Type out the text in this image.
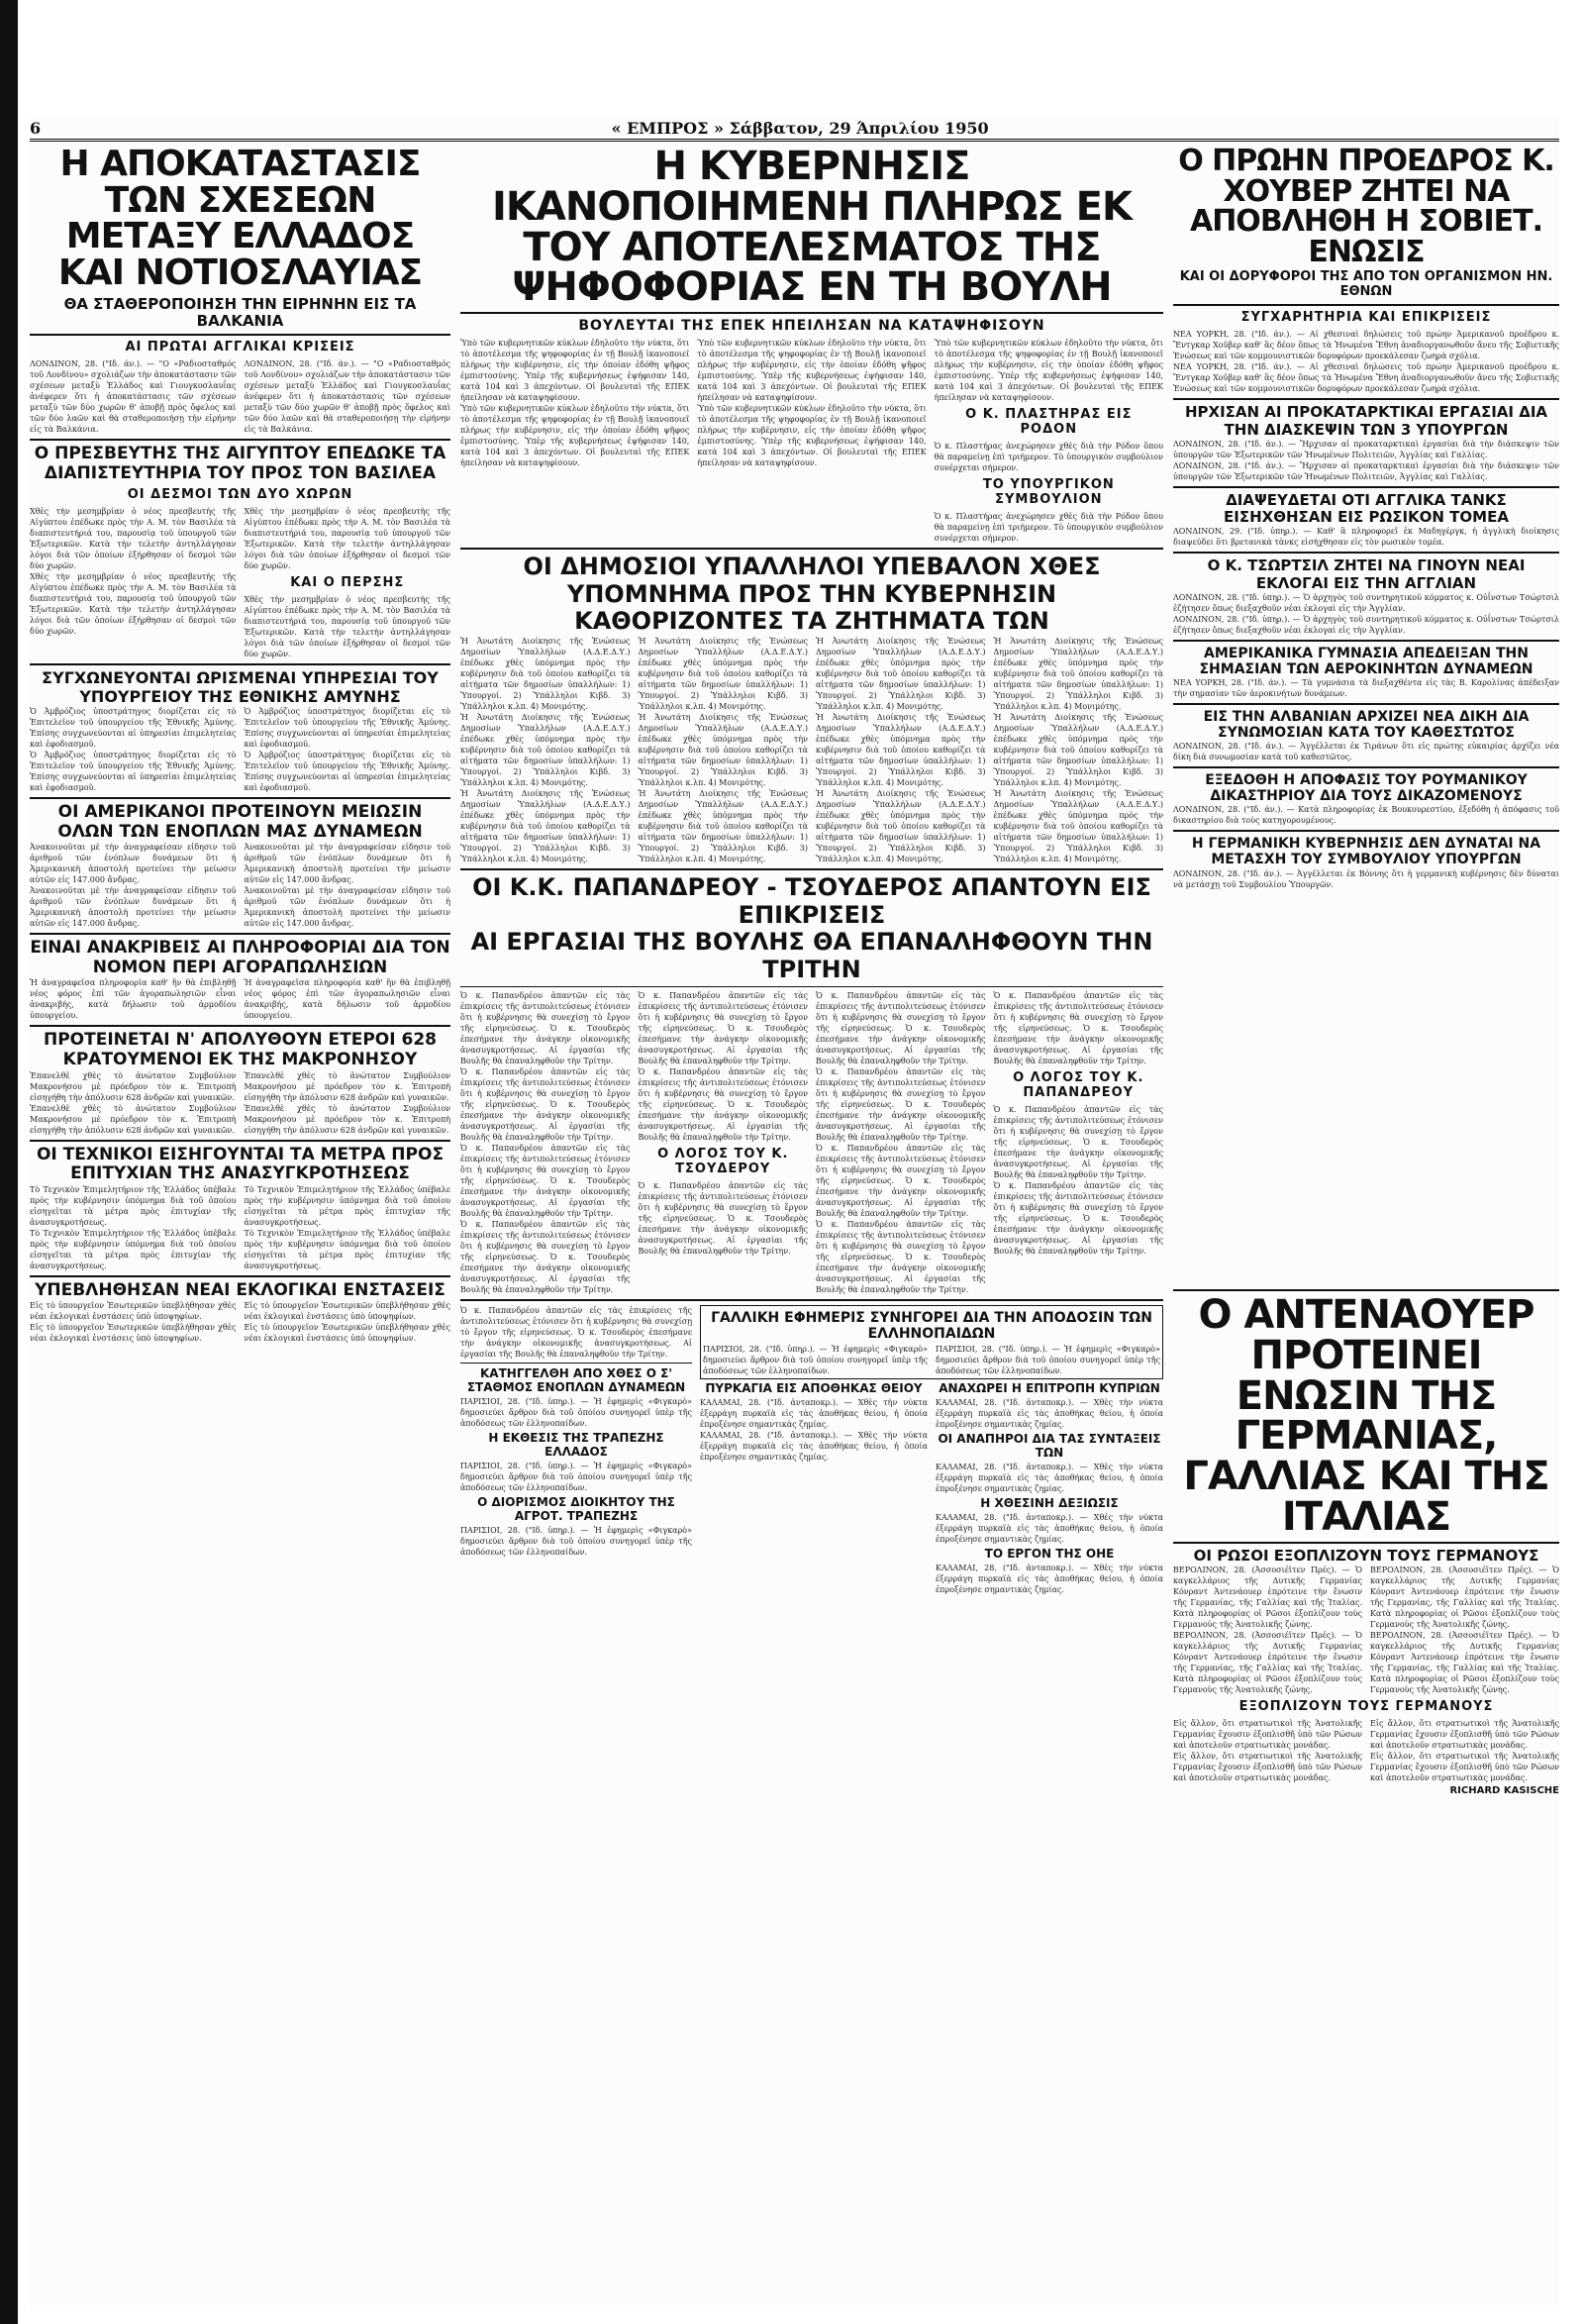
6	« ΕΜΠΡΟΣ » Σάββατον, 29 Άπριλίου 1950
Η ΑΠΟΚΑΤΑΣΤΑΣΙΣ ΤΩΝ ΣΧΕΣΕΩΝ ΜΕΤΑΞΥ ΕΛΛΑΔΟΣ ΚΑΙ ΝΟΤΙΟΣΛΑΥΙΑΣ
ΘΑ ΣΤΑΘΕΡΟΠΟΙΗΣΗ ΤΗΝ ΕΙΡΗΝΗΝ ΕΙΣ ΤΑ ΒΑΛΚΑΝΙΑ
ΑΙ ΠΡΩΤΑΙ ΑΓΓΛΙΚΑΙ ΚΡΙΣΕΙΣ

ΛΟΝΔΙΝΟΝ, 28. ("Ιδ. άν.). — "Ο «Ραδιοσταθμός τοῦ Λονδίνου» σχολιάζων τὴν ἀποκατάστασιν τῶν σχέσεων μεταξὺ Ἑλλάδος καὶ Γιουγκοσλαυΐας ἀνέφερεν ὅτι ἡ ἀποκατάστασις τῶν σχέσεων μεταξὺ τῶν δύο χωρῶν θ' ἀποβῇ πρὸς ὄφελος καὶ τῶν δύο λαῶν καὶ θὰ σταθεροποιήσῃ τὴν εἰρήνην εἰς τὰ Βαλκάνια.

ΛΟΝΔΙΝΟΝ, 28. ("Ιδ. άν.). — "Ο «Ραδιοσταθμός τοῦ Λονδίνου» σχολιάζων τὴν ἀποκατάστασιν τῶν σχέσεων μεταξὺ Ἑλλάδος καὶ Γιουγκοσλαυΐας ἀνέφερεν ὅτι ἡ ἀποκατάστασις τῶν σχέσεων μεταξὺ τῶν δύο χωρῶν θ' ἀποβῇ πρὸς ὄφελος καὶ τῶν δύο λαῶν καὶ θὰ σταθεροποιήσῃ τὴν εἰρήνην εἰς τὰ Βαλκάνια.

Ο ΠΡΕΣΒΕΥΤΗΣ ΤΗΣ ΑΙΓΥΠΤΟΥ ΕΠΕΔΩΚΕ ΤΑ ΔΙΑΠΙΣΤΕΥΤΗΡΙΑ ΤΟΥ ΠΡΟΣ ΤΟΝ ΒΑΣΙΛΕΑ
ΟΙ ΔΕΣΜΟΙ ΤΩΝ ΔΥΟ ΧΩΡΩΝ

Χθὲς τὴν μεσημβρίαν ὁ νέος πρεσβευτὴς τῆς Αἰγύπτου ἐπέδωκε πρὸς τὴν Α. Μ. τὸν Βασιλέα τὰ διαπιστευτήριά του, παρουσίᾳ τοῦ ὑπουργοῦ τῶν Ἐξωτερικῶν. Κατὰ τὴν τελετὴν ἀντηλλάγησαν λόγοι διὰ τῶν ὁποίων ἐξήρθησαν οἱ δεσμοὶ τῶν δύο χωρῶν.

Χθὲς τὴν μεσημβρίαν ὁ νέος πρεσβευτὴς τῆς Αἰγύπτου ἐπέδωκε πρὸς τὴν Α. Μ. τὸν Βασιλέα τὰ διαπιστευτήριά του, παρουσίᾳ τοῦ ὑπουργοῦ τῶν Ἐξωτερικῶν. Κατὰ τὴν τελετὴν ἀντηλλάγησαν λόγοι διὰ τῶν ὁποίων ἐξήρθησαν οἱ δεσμοὶ τῶν δύο χωρῶν.

Χθὲς τὴν μεσημβρίαν ὁ νέος πρεσβευτὴς τῆς Αἰγύπτου ἐπέδωκε πρὸς τὴν Α. Μ. τὸν Βασιλέα τὰ διαπιστευτήριά του, παρουσίᾳ τοῦ ὑπουργοῦ τῶν Ἐξωτερικῶν. Κατὰ τὴν τελετὴν ἀντηλλάγησαν λόγοι διὰ τῶν ὁποίων ἐξήρθησαν οἱ δεσμοὶ τῶν δύο χωρῶν.

ΚΑΙ Ο ΠΕΡΣΗΣ

Χθὲς τὴν μεσημβρίαν ὁ νέος πρεσβευτὴς τῆς Αἰγύπτου ἐπέδωκε πρὸς τὴν Α. Μ. τὸν Βασιλέα τὰ διαπιστευτήριά του, παρουσίᾳ τοῦ ὑπουργοῦ τῶν Ἐξωτερικῶν. Κατὰ τὴν τελετὴν ἀντηλλάγησαν λόγοι διὰ τῶν ὁποίων ἐξήρθησαν οἱ δεσμοὶ τῶν δύο χωρῶν.

ΣΥΓΧΩΝΕΥΟΝΤΑΙ ΩΡΙΣΜΕΝΑΙ ΥΠΗΡΕΣΙΑΙ ΤΟΥ ΥΠΟΥΡΓΕΙΟΥ ΤΗΣ ΕΘΝΙΚΗΣ ΑΜΥΝΗΣ

Ὁ Ἀμβρόζιος ὑποστράτηγος διορίζεται εἰς τὸ Ἐπιτελεῖον τοῦ ὑπουργείου τῆς Ἐθνικῆς Ἀμύνης. Ἐπίσης συγχωνεύονται αἱ ὑπηρεσίαι ἐπιμελητείας καὶ ἐφοδιασμοῦ.

Ὁ Ἀμβρόζιος ὑποστράτηγος διορίζεται εἰς τὸ Ἐπιτελεῖον τοῦ ὑπουργείου τῆς Ἐθνικῆς Ἀμύνης. Ἐπίσης συγχωνεύονται αἱ ὑπηρεσίαι ἐπιμελητείας καὶ ἐφοδιασμοῦ.

Ὁ Ἀμβρόζιος ὑποστράτηγος διορίζεται εἰς τὸ Ἐπιτελεῖον τοῦ ὑπουργείου τῆς Ἐθνικῆς Ἀμύνης. Ἐπίσης συγχωνεύονται αἱ ὑπηρεσίαι ἐπιμελητείας καὶ ἐφοδιασμοῦ.

Ὁ Ἀμβρόζιος ὑποστράτηγος διορίζεται εἰς τὸ Ἐπιτελεῖον τοῦ ὑπουργείου τῆς Ἐθνικῆς Ἀμύνης. Ἐπίσης συγχωνεύονται αἱ ὑπηρεσίαι ἐπιμελητείας καὶ ἐφοδιασμοῦ.

ΟΙ ΑΜΕΡΙΚΑΝΟΙ ΠΡΟΤΕΙΝΟΥΝ ΜΕΙΩΣΙΝ ΟΛΩΝ ΤΩΝ ΕΝΟΠΛΩΝ ΜΑΣ ΔΥΝΑΜΕΩΝ

Ἀνακοινοῦται μὲ τὴν ἀναγραφείσαν εἰδησιν τοῦ ἀριθμοῦ τῶν ἐνόπλων δυνάμεων ὅτι ἡ Ἀμερικανικὴ ἀποστολὴ προτείνει τὴν μείωσιν αὐτῶν εἰς 147.000 ἄνδρας.

Ἀνακοινοῦται μὲ τὴν ἀναγραφείσαν εἰδησιν τοῦ ἀριθμοῦ τῶν ἐνόπλων δυνάμεων ὅτι ἡ Ἀμερικανικὴ ἀποστολὴ προτείνει τὴν μείωσιν αὐτῶν εἰς 147.000 ἄνδρας.

Ἀνακοινοῦται μὲ τὴν ἀναγραφείσαν εἰδησιν τοῦ ἀριθμοῦ τῶν ἐνόπλων δυνάμεων ὅτι ἡ Ἀμερικανικὴ ἀποστολὴ προτείνει τὴν μείωσιν αὐτῶν εἰς 147.000 ἄνδρας.

Ἀνακοινοῦται μὲ τὴν ἀναγραφείσαν εἰδησιν τοῦ ἀριθμοῦ τῶν ἐνόπλων δυνάμεων ὅτι ἡ Ἀμερικανικὴ ἀποστολὴ προτείνει τὴν μείωσιν αὐτῶν εἰς 147.000 ἄνδρας.

ΕΙΝΑΙ ΑΝΑΚΡΙΒΕΙΣ ΑΙ ΠΛΗΡΟΦΟΡΙΑΙ ΔΙΑ ΤΟΝ ΝΟΜΟΝ ΠΕΡΙ ΑΓΟΡΑΠΩΛΗΣΙΩΝ

Ἡ ἀναγραφεῖσα πληροφορία καθ' ἣν θὰ ἐπιβληθῇ νέος φόρος ἐπὶ τῶν ἀγοραπωλησιῶν εἶναι ἀνακριβής, κατὰ δήλωσιν τοῦ ἁρμοδίου ὑπουργείου.

Ἡ ἀναγραφεῖσα πληροφορία καθ' ἣν θὰ ἐπιβληθῇ νέος φόρος ἐπὶ τῶν ἀγοραπωλησιῶν εἶναι ἀνακριβής, κατὰ δήλωσιν τοῦ ἁρμοδίου ὑπουργείου.

ΠΡΟΤΕΙΝΕΤΑΙ Ν' ΑΠΟΛΥΘΟΥΝ ΕΤΕΡΟΙ 628 ΚΡΑΤΟΥΜΕΝΟΙ ΕΚ ΤΗΣ ΜΑΚΡΟΝΗΣΟΥ

Ἐπανελθὲ χθὲς τὸ ἀνώτατον Συμβούλιον Μακρονήσου μὲ πρόεδρον τὸν κ. Ἐπιτροπὴ εἰσηγήθη τὴν ἀπόλυσιν 628 ἀνδρῶν καὶ γυναικῶν.

Ἐπανελθὲ χθὲς τὸ ἀνώτατον Συμβούλιον Μακρονήσου μὲ πρόεδρον τὸν κ. Ἐπιτροπὴ εἰσηγήθη τὴν ἀπόλυσιν 628 ἀνδρῶν καὶ γυναικῶν.

Ἐπανελθὲ χθὲς τὸ ἀνώτατον Συμβούλιον Μακρονήσου μὲ πρόεδρον τὸν κ. Ἐπιτροπὴ εἰσηγήθη τὴν ἀπόλυσιν 628 ἀνδρῶν καὶ γυναικῶν.

Ἐπανελθὲ χθὲς τὸ ἀνώτατον Συμβούλιον Μακρονήσου μὲ πρόεδρον τὸν κ. Ἐπιτροπὴ εἰσηγήθη τὴν ἀπόλυσιν 628 ἀνδρῶν καὶ γυναικῶν.

ΟΙ ΤΕΧΝΙΚΟΙ ΕΙΣΗΓΟΥΝΤΑΙ ΤΑ ΜΕΤΡΑ ΠΡΟΣ ΕΠΙΤΥΧΙΑΝ ΤΗΣ ΑΝΑΣΥΓΚΡΟΤΗΣΕΩΣ

Τὸ Τεχνικὸν Ἐπιμελητήριον τῆς Ἑλλάδος ὑπέβαλε πρὸς τὴν κυβέρνησιν ὑπόμνημα διὰ τοῦ ὁποίου εἰσηγεῖται τὰ μέτρα πρὸς ἐπιτυχίαν τῆς ἀνασυγκροτήσεως.

Τὸ Τεχνικὸν Ἐπιμελητήριον τῆς Ἑλλάδος ὑπέβαλε πρὸς τὴν κυβέρνησιν ὑπόμνημα διὰ τοῦ ὁποίου εἰσηγεῖται τὰ μέτρα πρὸς ἐπιτυχίαν τῆς ἀνασυγκροτήσεως.

Τὸ Τεχνικὸν Ἐπιμελητήριον τῆς Ἑλλάδος ὑπέβαλε πρὸς τὴν κυβέρνησιν ὑπόμνημα διὰ τοῦ ὁποίου εἰσηγεῖται τὰ μέτρα πρὸς ἐπιτυχίαν τῆς ἀνασυγκροτήσεως.

Τὸ Τεχνικὸν Ἐπιμελητήριον τῆς Ἑλλάδος ὑπέβαλε πρὸς τὴν κυβέρνησιν ὑπόμνημα διὰ τοῦ ὁποίου εἰσηγεῖται τὰ μέτρα πρὸς ἐπιτυχίαν τῆς ἀνασυγκροτήσεως.

ΥΠΕΒΛΗΘΗΣΑΝ ΝΕΑΙ ΕΚΛΟΓΙΚΑΙ ΕΝΣΤΑΣΕΙΣ

Εἰς τὸ ὑπουργεῖον Ἐσωτερικῶν ὑπεβλήθησαν χθὲς νέαι ἐκλογικαὶ ἐνστάσεις ὑπὸ ὑποψηφίων.

Εἰς τὸ ὑπουργεῖον Ἐσωτερικῶν ὑπεβλήθησαν χθὲς νέαι ἐκλογικαὶ ἐνστάσεις ὑπὸ ὑποψηφίων.

Εἰς τὸ ὑπουργεῖον Ἐσωτερικῶν ὑπεβλήθησαν χθὲς νέαι ἐκλογικαὶ ἐνστάσεις ὑπὸ ὑποψηφίων.

Εἰς τὸ ὑπουργεῖον Ἐσωτερικῶν ὑπεβλήθησαν χθὲς νέαι ἐκλογικαὶ ἐνστάσεις ὑπὸ ὑποψηφίων.

Η ΚΥΒΕΡΝΗΣΙΣ ΙΚΑΝΟΠΟΙΗΜΕΝΗ ΠΛΗΡΩΣ ΕΚ ΤΟΥ ΑΠΟΤΕΛΕΣΜΑΤΟΣ ΤΗΣ ΨΗΦΟΦΟΡΙΑΣ ΕΝ ΤΗ ΒΟΥΛΗ
ΒΟΥΛΕΥΤΑΙ ΤΗΣ ΕΠΕΚ ΗΠΕΙΛΗΣΑΝ ΝΑ ΚΑΤΑΨΗΦΙΣΟΥΝ

Ὑπὸ τῶν κυβερνητικῶν κύκλων ἐδηλοῦτο τὴν νύκτα, ὅτι τὸ ἀποτέλεσμα τῆς ψηφοφορίας ἐν τῇ Βουλῇ ἱκανοποιεῖ πλήρως τὴν κυβέρνησιν, εἰς τὴν ὁποίαν ἐδόθη ψῆφος ἐμπιστοσύνης. Ὑπὲρ τῆς κυβερνήσεως ἐψήφισαν 140, κατὰ 104 καὶ 3 ἀπεχόντων. Οἱ βουλευταὶ τῆς ΕΠΕΚ ἠπείλησαν νὰ καταψηφίσουν.

Ὑπὸ τῶν κυβερνητικῶν κύκλων ἐδηλοῦτο τὴν νύκτα, ὅτι τὸ ἀποτέλεσμα τῆς ψηφοφορίας ἐν τῇ Βουλῇ ἱκανοποιεῖ πλήρως τὴν κυβέρνησιν, εἰς τὴν ὁποίαν ἐδόθη ψῆφος ἐμπιστοσύνης. Ὑπὲρ τῆς κυβερνήσεως ἐψήφισαν 140, κατὰ 104 καὶ 3 ἀπεχόντων. Οἱ βουλευταὶ τῆς ΕΠΕΚ ἠπείλησαν νὰ καταψηφίσουν.

Ὑπὸ τῶν κυβερνητικῶν κύκλων ἐδηλοῦτο τὴν νύκτα, ὅτι τὸ ἀποτέλεσμα τῆς ψηφοφορίας ἐν τῇ Βουλῇ ἱκανοποιεῖ πλήρως τὴν κυβέρνησιν, εἰς τὴν ὁποίαν ἐδόθη ψῆφος ἐμπιστοσύνης. Ὑπὲρ τῆς κυβερνήσεως ἐψήφισαν 140, κατὰ 104 καὶ 3 ἀπεχόντων. Οἱ βουλευταὶ τῆς ΕΠΕΚ ἠπείλησαν νὰ καταψηφίσουν.

Ὑπὸ τῶν κυβερνητικῶν κύκλων ἐδηλοῦτο τὴν νύκτα, ὅτι τὸ ἀποτέλεσμα τῆς ψηφοφορίας ἐν τῇ Βουλῇ ἱκανοποιεῖ πλήρως τὴν κυβέρνησιν, εἰς τὴν ὁποίαν ἐδόθη ψῆφος ἐμπιστοσύνης. Ὑπὲρ τῆς κυβερνήσεως ἐψήφισαν 140, κατὰ 104 καὶ 3 ἀπεχόντων. Οἱ βουλευταὶ τῆς ΕΠΕΚ ἠπείλησαν νὰ καταψηφίσουν.

Ὑπὸ τῶν κυβερνητικῶν κύκλων ἐδηλοῦτο τὴν νύκτα, ὅτι τὸ ἀποτέλεσμα τῆς ψηφοφορίας ἐν τῇ Βουλῇ ἱκανοποιεῖ πλήρως τὴν κυβέρνησιν, εἰς τὴν ὁποίαν ἐδόθη ψῆφος ἐμπιστοσύνης. Ὑπὲρ τῆς κυβερνήσεως ἐψήφισαν 140, κατὰ 104 καὶ 3 ἀπεχόντων. Οἱ βουλευταὶ τῆς ΕΠΕΚ ἠπείλησαν νὰ καταψηφίσουν.

Ο Κ. ΠΛΑΣΤΗΡΑΣ ΕΙΣ ΡΟΔΟΝ

Ὁ κ. Πλαστήρας ἀνεχώρησεν χθὲς διὰ τὴν Ρόδον ὅπου θὰ παραμείνῃ ἐπὶ τριήμερον. Τὸ ὑπουργικὸν συμβούλιον συνέρχεται σήμερον.

ΤΟ ΥΠΟΥΡΓΙΚΟΝ ΣΥΜΒΟΥΛΙΟΝ

Ὁ κ. Πλαστήρας ἀνεχώρησεν χθὲς διὰ τὴν Ρόδον ὅπου θὰ παραμείνῃ ἐπὶ τριήμερον. Τὸ ὑπουργικὸν συμβούλιον συνέρχεται σήμερον.

ΟΙ ΔΗΜΟΣΙΟΙ ΥΠΑΛΛΗΛΟΙ ΥΠΕΒΑΛΟΝ ΧΘΕΣ ΥΠΟΜΝΗΜΑ ΠΡΟΣ ΤΗΝ ΚΥΒΕΡΝΗΣΙΝ ΚΑΘΟΡΙΖΟΝΤΕΣ ΤΑ ΖΗΤΗΜΑΤΑ ΤΩΝ

Ἡ Ἀνωτάτη Διοίκησις τῆς Ἑνώσεως Δημοσίων Ὑπαλλήλων (Α.Δ.Ε.Δ.Υ.) ἐπέδωκε χθὲς ὑπόμνημα πρὸς τὴν κυβέρνησιν διὰ τοῦ ὁποίου καθορίζει τὰ αἰτήματα τῶν δημοσίων ὑπαλλήλων: 1) Ὑπουργοί. 2) Ὑπάλληλοι Κιβδ. 3) Ὑπάλληλοι κ.λπ. 4) Μονιμότης.

Ἡ Ἀνωτάτη Διοίκησις τῆς Ἑνώσεως Δημοσίων Ὑπαλλήλων (Α.Δ.Ε.Δ.Υ.) ἐπέδωκε χθὲς ὑπόμνημα πρὸς τὴν κυβέρνησιν διὰ τοῦ ὁποίου καθορίζει τὰ αἰτήματα τῶν δημοσίων ὑπαλλήλων: 1) Ὑπουργοί. 2) Ὑπάλληλοι Κιβδ. 3) Ὑπάλληλοι κ.λπ. 4) Μονιμότης.

Ἡ Ἀνωτάτη Διοίκησις τῆς Ἑνώσεως Δημοσίων Ὑπαλλήλων (Α.Δ.Ε.Δ.Υ.) ἐπέδωκε χθὲς ὑπόμνημα πρὸς τὴν κυβέρνησιν διὰ τοῦ ὁποίου καθορίζει τὰ αἰτήματα τῶν δημοσίων ὑπαλλήλων: 1) Ὑπουργοί. 2) Ὑπάλληλοι Κιβδ. 3) Ὑπάλληλοι κ.λπ. 4) Μονιμότης.

Ἡ Ἀνωτάτη Διοίκησις τῆς Ἑνώσεως Δημοσίων Ὑπαλλήλων (Α.Δ.Ε.Δ.Υ.) ἐπέδωκε χθὲς ὑπόμνημα πρὸς τὴν κυβέρνησιν διὰ τοῦ ὁποίου καθορίζει τὰ αἰτήματα τῶν δημοσίων ὑπαλλήλων: 1) Ὑπουργοί. 2) Ὑπάλληλοι Κιβδ. 3) Ὑπάλληλοι κ.λπ. 4) Μονιμότης.

Ἡ Ἀνωτάτη Διοίκησις τῆς Ἑνώσεως Δημοσίων Ὑπαλλήλων (Α.Δ.Ε.Δ.Υ.) ἐπέδωκε χθὲς ὑπόμνημα πρὸς τὴν κυβέρνησιν διὰ τοῦ ὁποίου καθορίζει τὰ αἰτήματα τῶν δημοσίων ὑπαλλήλων: 1) Ὑπουργοί. 2) Ὑπάλληλοι Κιβδ. 3) Ὑπάλληλοι κ.λπ. 4) Μονιμότης.

Ἡ Ἀνωτάτη Διοίκησις τῆς Ἑνώσεως Δημοσίων Ὑπαλλήλων (Α.Δ.Ε.Δ.Υ.) ἐπέδωκε χθὲς ὑπόμνημα πρὸς τὴν κυβέρνησιν διὰ τοῦ ὁποίου καθορίζει τὰ αἰτήματα τῶν δημοσίων ὑπαλλήλων: 1) Ὑπουργοί. 2) Ὑπάλληλοι Κιβδ. 3) Ὑπάλληλοι κ.λπ. 4) Μονιμότης.

Ἡ Ἀνωτάτη Διοίκησις τῆς Ἑνώσεως Δημοσίων Ὑπαλλήλων (Α.Δ.Ε.Δ.Υ.) ἐπέδωκε χθὲς ὑπόμνημα πρὸς τὴν κυβέρνησιν διὰ τοῦ ὁποίου καθορίζει τὰ αἰτήματα τῶν δημοσίων ὑπαλλήλων: 1) Ὑπουργοί. 2) Ὑπάλληλοι Κιβδ. 3) Ὑπάλληλοι κ.λπ. 4) Μονιμότης.

Ἡ Ἀνωτάτη Διοίκησις τῆς Ἑνώσεως Δημοσίων Ὑπαλλήλων (Α.Δ.Ε.Δ.Υ.) ἐπέδωκε χθὲς ὑπόμνημα πρὸς τὴν κυβέρνησιν διὰ τοῦ ὁποίου καθορίζει τὰ αἰτήματα τῶν δημοσίων ὑπαλλήλων: 1) Ὑπουργοί. 2) Ὑπάλληλοι Κιβδ. 3) Ὑπάλληλοι κ.λπ. 4) Μονιμότης.

Ἡ Ἀνωτάτη Διοίκησις τῆς Ἑνώσεως Δημοσίων Ὑπαλλήλων (Α.Δ.Ε.Δ.Υ.) ἐπέδωκε χθὲς ὑπόμνημα πρὸς τὴν κυβέρνησιν διὰ τοῦ ὁποίου καθορίζει τὰ αἰτήματα τῶν δημοσίων ὑπαλλήλων: 1) Ὑπουργοί. 2) Ὑπάλληλοι Κιβδ. 3) Ὑπάλληλοι κ.λπ. 4) Μονιμότης.

Ἡ Ἀνωτάτη Διοίκησις τῆς Ἑνώσεως Δημοσίων Ὑπαλλήλων (Α.Δ.Ε.Δ.Υ.) ἐπέδωκε χθὲς ὑπόμνημα πρὸς τὴν κυβέρνησιν διὰ τοῦ ὁποίου καθορίζει τὰ αἰτήματα τῶν δημοσίων ὑπαλλήλων: 1) Ὑπουργοί. 2) Ὑπάλληλοι Κιβδ. 3) Ὑπάλληλοι κ.λπ. 4) Μονιμότης.

Ἡ Ἀνωτάτη Διοίκησις τῆς Ἑνώσεως Δημοσίων Ὑπαλλήλων (Α.Δ.Ε.Δ.Υ.) ἐπέδωκε χθὲς ὑπόμνημα πρὸς τὴν κυβέρνησιν διὰ τοῦ ὁποίου καθορίζει τὰ αἰτήματα τῶν δημοσίων ὑπαλλήλων: 1) Ὑπουργοί. 2) Ὑπάλληλοι Κιβδ. 3) Ὑπάλληλοι κ.λπ. 4) Μονιμότης.

Ἡ Ἀνωτάτη Διοίκησις τῆς Ἑνώσεως Δημοσίων Ὑπαλλήλων (Α.Δ.Ε.Δ.Υ.) ἐπέδωκε χθὲς ὑπόμνημα πρὸς τὴν κυβέρνησιν διὰ τοῦ ὁποίου καθορίζει τὰ αἰτήματα τῶν δημοσίων ὑπαλλήλων: 1) Ὑπουργοί. 2) Ὑπάλληλοι Κιβδ. 3) Ὑπάλληλοι κ.λπ. 4) Μονιμότης.

ΟΙ Κ.Κ. ΠΑΠΑΝΔΡΕΟΥ - ΤΣΟΥΔΕΡΟΣ ΑΠΑΝΤΟΥΝ ΕΙΣ ΕΠΙΚΡΙΣΕΙΣ
ΑΙ ΕΡΓΑΣΙΑΙ ΤΗΣ ΒΟΥΛΗΣ ΘΑ ΕΠΑΝΑΛΗΦΘΟΥΝ ΤΗΝ ΤΡΙΤΗΝ

Ὁ κ. Παπανδρέου ἀπαντῶν εἰς τὰς ἐπικρίσεις τῆς ἀντιπολιτεύσεως ἐτόνισεν ὅτι ἡ κυβέρνησις θὰ συνεχίσῃ τὸ ἔργον τῆς εἰρηνεύσεως. Ὁ κ. Τσουδερὸς ἐπεσήμανε τὴν ἀνάγκην οἰκονομικῆς ἀνασυγκροτήσεως. Αἱ ἐργασίαι τῆς Βουλῆς θὰ ἐπαναληφθοῦν τὴν Τρίτην.

Ὁ κ. Παπανδρέου ἀπαντῶν εἰς τὰς ἐπικρίσεις τῆς ἀντιπολιτεύσεως ἐτόνισεν ὅτι ἡ κυβέρνησις θὰ συνεχίσῃ τὸ ἔργον τῆς εἰρηνεύσεως. Ὁ κ. Τσουδερὸς ἐπεσήμανε τὴν ἀνάγκην οἰκονομικῆς ἀνασυγκροτήσεως. Αἱ ἐργασίαι τῆς Βουλῆς θὰ ἐπαναληφθοῦν τὴν Τρίτην.

Ὁ κ. Παπανδρέου ἀπαντῶν εἰς τὰς ἐπικρίσεις τῆς ἀντιπολιτεύσεως ἐτόνισεν ὅτι ἡ κυβέρνησις θὰ συνεχίσῃ τὸ ἔργον τῆς εἰρηνεύσεως. Ὁ κ. Τσουδερὸς ἐπεσήμανε τὴν ἀνάγκην οἰκονομικῆς ἀνασυγκροτήσεως. Αἱ ἐργασίαι τῆς Βουλῆς θὰ ἐπαναληφθοῦν τὴν Τρίτην.

Ὁ κ. Παπανδρέου ἀπαντῶν εἰς τὰς ἐπικρίσεις τῆς ἀντιπολιτεύσεως ἐτόνισεν ὅτι ἡ κυβέρνησις θὰ συνεχίσῃ τὸ ἔργον τῆς εἰρηνεύσεως. Ὁ κ. Τσουδερὸς ἐπεσήμανε τὴν ἀνάγκην οἰκονομικῆς ἀνασυγκροτήσεως. Αἱ ἐργασίαι τῆς Βουλῆς θὰ ἐπαναληφθοῦν τὴν Τρίτην.

Ὁ κ. Παπανδρέου ἀπαντῶν εἰς τὰς ἐπικρίσεις τῆς ἀντιπολιτεύσεως ἐτόνισεν ὅτι ἡ κυβέρνησις θὰ συνεχίσῃ τὸ ἔργον τῆς εἰρηνεύσεως. Ὁ κ. Τσουδερὸς ἐπεσήμανε τὴν ἀνάγκην οἰκονομικῆς ἀνασυγκροτήσεως. Αἱ ἐργασίαι τῆς Βουλῆς θὰ ἐπαναληφθοῦν τὴν Τρίτην.

Ὁ κ. Παπανδρέου ἀπαντῶν εἰς τὰς ἐπικρίσεις τῆς ἀντιπολιτεύσεως ἐτόνισεν ὅτι ἡ κυβέρνησις θὰ συνεχίσῃ τὸ ἔργον τῆς εἰρηνεύσεως. Ὁ κ. Τσουδερὸς ἐπεσήμανε τὴν ἀνάγκην οἰκονομικῆς ἀνασυγκροτήσεως. Αἱ ἐργασίαι τῆς Βουλῆς θὰ ἐπαναληφθοῦν τὴν Τρίτην.

Ο ΛΟΓΟΣ ΤΟΥ Κ. ΤΣΟΥΔΕΡΟΥ

Ὁ κ. Παπανδρέου ἀπαντῶν εἰς τὰς ἐπικρίσεις τῆς ἀντιπολιτεύσεως ἐτόνισεν ὅτι ἡ κυβέρνησις θὰ συνεχίσῃ τὸ ἔργον τῆς εἰρηνεύσεως. Ὁ κ. Τσουδερὸς ἐπεσήμανε τὴν ἀνάγκην οἰκονομικῆς ἀνασυγκροτήσεως. Αἱ ἐργασίαι τῆς Βουλῆς θὰ ἐπαναληφθοῦν τὴν Τρίτην.

Ὁ κ. Παπανδρέου ἀπαντῶν εἰς τὰς ἐπικρίσεις τῆς ἀντιπολιτεύσεως ἐτόνισεν ὅτι ἡ κυβέρνησις θὰ συνεχίσῃ τὸ ἔργον τῆς εἰρηνεύσεως. Ὁ κ. Τσουδερὸς ἐπεσήμανε τὴν ἀνάγκην οἰκονομικῆς ἀνασυγκροτήσεως. Αἱ ἐργασίαι τῆς Βουλῆς θὰ ἐπαναληφθοῦν τὴν Τρίτην.

Ὁ κ. Παπανδρέου ἀπαντῶν εἰς τὰς ἐπικρίσεις τῆς ἀντιπολιτεύσεως ἐτόνισεν ὅτι ἡ κυβέρνησις θὰ συνεχίσῃ τὸ ἔργον τῆς εἰρηνεύσεως. Ὁ κ. Τσουδερὸς ἐπεσήμανε τὴν ἀνάγκην οἰκονομικῆς ἀνασυγκροτήσεως. Αἱ ἐργασίαι τῆς Βουλῆς θὰ ἐπαναληφθοῦν τὴν Τρίτην.

Ὁ κ. Παπανδρέου ἀπαντῶν εἰς τὰς ἐπικρίσεις τῆς ἀντιπολιτεύσεως ἐτόνισεν ὅτι ἡ κυβέρνησις θὰ συνεχίσῃ τὸ ἔργον τῆς εἰρηνεύσεως. Ὁ κ. Τσουδερὸς ἐπεσήμανε τὴν ἀνάγκην οἰκονομικῆς ἀνασυγκροτήσεως. Αἱ ἐργασίαι τῆς Βουλῆς θὰ ἐπαναληφθοῦν τὴν Τρίτην.

Ὁ κ. Παπανδρέου ἀπαντῶν εἰς τὰς ἐπικρίσεις τῆς ἀντιπολιτεύσεως ἐτόνισεν ὅτι ἡ κυβέρνησις θὰ συνεχίσῃ τὸ ἔργον τῆς εἰρηνεύσεως. Ὁ κ. Τσουδερὸς ἐπεσήμανε τὴν ἀνάγκην οἰκονομικῆς ἀνασυγκροτήσεως. Αἱ ἐργασίαι τῆς Βουλῆς θὰ ἐπαναληφθοῦν τὴν Τρίτην.

Ὁ κ. Παπανδρέου ἀπαντῶν εἰς τὰς ἐπικρίσεις τῆς ἀντιπολιτεύσεως ἐτόνισεν ὅτι ἡ κυβέρνησις θὰ συνεχίσῃ τὸ ἔργον τῆς εἰρηνεύσεως. Ὁ κ. Τσουδερὸς ἐπεσήμανε τὴν ἀνάγκην οἰκονομικῆς ἀνασυγκροτήσεως. Αἱ ἐργασίαι τῆς Βουλῆς θὰ ἐπαναληφθοῦν τὴν Τρίτην.

Ο ΛΟΓΟΣ ΤΟΥ Κ. ΠΑΠΑΝΔΡΕΟΥ

Ὁ κ. Παπανδρέου ἀπαντῶν εἰς τὰς ἐπικρίσεις τῆς ἀντιπολιτεύσεως ἐτόνισεν ὅτι ἡ κυβέρνησις θὰ συνεχίσῃ τὸ ἔργον τῆς εἰρηνεύσεως. Ὁ κ. Τσουδερὸς ἐπεσήμανε τὴν ἀνάγκην οἰκονομικῆς ἀνασυγκροτήσεως. Αἱ ἐργασίαι τῆς Βουλῆς θὰ ἐπαναληφθοῦν τὴν Τρίτην.

Ὁ κ. Παπανδρέου ἀπαντῶν εἰς τὰς ἐπικρίσεις τῆς ἀντιπολιτεύσεως ἐτόνισεν ὅτι ἡ κυβέρνησις θὰ συνεχίσῃ τὸ ἔργον τῆς εἰρηνεύσεως. Ὁ κ. Τσουδερὸς ἐπεσήμανε τὴν ἀνάγκην οἰκονομικῆς ἀνασυγκροτήσεως. Αἱ ἐργασίαι τῆς Βουλῆς θὰ ἐπαναληφθοῦν τὴν Τρίτην.

Ὁ κ. Παπανδρέου ἀπαντῶν εἰς τὰς ἐπικρίσεις τῆς ἀντιπολιτεύσεως ἐτόνισεν ὅτι ἡ κυβέρνησις θὰ συνεχίσῃ τὸ ἔργον τῆς εἰρηνεύσεως. Ὁ κ. Τσουδερὸς ἐπεσήμανε τὴν ἀνάγκην οἰκονομικῆς ἀνασυγκροτήσεως. Αἱ ἐργασίαι τῆς Βουλῆς θὰ ἐπαναληφθοῦν τὴν Τρίτην.

ΚΑΤΗΓΓΕΛΘΗ ΑΠΟ ΧΘΕΣ Ο Σ' ΣΤΑΘΜΟΣ ΕΝΟΠΛΩΝ ΔΥΝΑΜΕΩΝ

ΠΑΡΙΣΙΟΙ, 28. ("Ιδ. ὑπηρ.). — Ἡ ἐφημερὶς «Φιγκαρὸ» δημοσιεύει ἄρθρον διὰ τοῦ ὁποίου συνηγορεῖ ὑπὲρ τῆς ἀποδόσεως τῶν ἑλληνοπαίδων.

Η ΕΚΘΕΣΙΣ ΤΗΣ ΤΡΑΠΕΖΗΣ ΕΛΛΑΔΟΣ

ΠΑΡΙΣΙΟΙ, 28. ("Ιδ. ὑπηρ.). — Ἡ ἐφημερὶς «Φιγκαρὸ» δημοσιεύει ἄρθρον διὰ τοῦ ὁποίου συνηγορεῖ ὑπὲρ τῆς ἀποδόσεως τῶν ἑλληνοπαίδων.

Ο ΔΙΟΡΙΣΜΟΣ ΔΙΟΙΚΗΤΟΥ ΤΗΣ ΑΓΡΟΤ. ΤΡΑΠΕΖΗΣ

ΠΑΡΙΣΙΟΙ, 28. ("Ιδ. ὑπηρ.). — Ἡ ἐφημερὶς «Φιγκαρὸ» δημοσιεύει ἄρθρον διὰ τοῦ ὁποίου συνηγορεῖ ὑπὲρ τῆς ἀποδόσεως τῶν ἑλληνοπαίδων.

ΓΑΛΛΙΚΗ ΕΦΗΜΕΡΙΣ ΣΥΝΗΓΟΡΕΙ ΔΙΑ ΤΗΝ ΑΠΟΔΟΣΙΝ ΤΩΝ ΕΛΛΗΝΟΠΑΙΔΩΝ

ΠΑΡΙΣΙΟΙ, 28. ("Ιδ. ὑπηρ.). — Ἡ ἐφημερὶς «Φιγκαρὸ» δημοσιεύει ἄρθρον διὰ τοῦ ὁποίου συνηγορεῖ ὑπὲρ τῆς ἀποδόσεως τῶν ἑλληνοπαίδων.

ΠΑΡΙΣΙΟΙ, 28. ("Ιδ. ὑπηρ.). — Ἡ ἐφημερὶς «Φιγκαρὸ» δημοσιεύει ἄρθρον διὰ τοῦ ὁποίου συνηγορεῖ ὑπὲρ τῆς ἀποδόσεως τῶν ἑλληνοπαίδων.

ΠΥΡΚΑΓΙΑ ΕΙΣ ΑΠΟΘΗΚΑΣ ΘΕΙΟΥ

ΚΑΛΑΜΑΙ, 28. ("Ιδ. ἀνταποκρ.). — Χθὲς τὴν νύκτα ἐξερράγη πυρκαϊὰ εἰς τὰς ἀποθήκας θείου, ἡ ὁποία ἐπροξένησε σημαντικὰς ζημίας.

ΚΑΛΑΜΑΙ, 28. ("Ιδ. ἀνταποκρ.). — Χθὲς τὴν νύκτα ἐξερράγη πυρκαϊὰ εἰς τὰς ἀποθήκας θείου, ἡ ὁποία ἐπροξένησε σημαντικὰς ζημίας.

ΑΝΑΧΩΡΕΙ Η ΕΠΙΤΡΟΠΗ ΚΥΠΡΙΩΝ

ΚΑΛΑΜΑΙ, 28. ("Ιδ. ἀνταποκρ.). — Χθὲς τὴν νύκτα ἐξερράγη πυρκαϊὰ εἰς τὰς ἀποθήκας θείου, ἡ ὁποία ἐπροξένησε σημαντικὰς ζημίας.

ΟΙ ΑΝΑΠΗΡΟΙ ΔΙΑ ΤΑΣ ΣΥΝΤΑΞΕΙΣ ΤΩΝ

ΚΑΛΑΜΑΙ, 28. ("Ιδ. ἀνταποκρ.). — Χθὲς τὴν νύκτα ἐξερράγη πυρκαϊὰ εἰς τὰς ἀποθήκας θείου, ἡ ὁποία ἐπροξένησε σημαντικὰς ζημίας.

Η ΧΘΕΣΙΝΗ ΔΕΞΙΩΣΙΣ

ΚΑΛΑΜΑΙ, 28. ("Ιδ. ἀνταποκρ.). — Χθὲς τὴν νύκτα ἐξερράγη πυρκαϊὰ εἰς τὰς ἀποθήκας θείου, ἡ ὁποία ἐπροξένησε σημαντικὰς ζημίας.

ΤΟ ΕΡΓΟΝ ΤΗΣ ΟΗΕ

ΚΑΛΑΜΑΙ, 28. ("Ιδ. ἀνταποκρ.). — Χθὲς τὴν νύκτα ἐξερράγη πυρκαϊὰ εἰς τὰς ἀποθήκας θείου, ἡ ὁποία ἐπροξένησε σημαντικὰς ζημίας.

Ο ΠΡΩΗΝ ΠΡΟΕΔΡΟΣ Κ. ΧΟΥΒΕΡ ΖΗΤΕΙ ΝΑ ΑΠΟΒΛΗΘΗ Η ΣΟΒΙΕΤ. ΕΝΩΣΙΣ
ΚΑΙ ΟΙ ΔΟΡΥΦΟΡΟΙ ΤΗΣ ΑΠΟ ΤΟΝ ΟΡΓΑΝΙΣΜΟΝ ΗΝ. ΕΘΝΩΝ
ΣΥΓΧΑΡΗΤΗΡΙΑ ΚΑΙ ΕΠΙΚΡΙΣΕΙΣ

ΝΕΑ ΥΟΡΚΗ, 28. ("Ιδ. άν.). — Αἱ χθεσιναὶ δηλώσεις τοῦ πρώην Ἀμερικανοῦ προέδρου κ. Ἔντγκαρ Χοῦβερ καθ' ἃς δέον ὅπως τὰ Ἡνωμένα Ἔθνη ἀναδιοργανωθοῦν ἄνευ τῆς Σοβιετικῆς Ἑνώσεως καὶ τῶν κομμουνιστικῶν δορυφόρων προεκάλεσαν ζωηρὰ σχόλια.

ΝΕΑ ΥΟΡΚΗ, 28. ("Ιδ. άν.). — Αἱ χθεσιναὶ δηλώσεις τοῦ πρώην Ἀμερικανοῦ προέδρου κ. Ἔντγκαρ Χοῦβερ καθ' ἃς δέον ὅπως τὰ Ἡνωμένα Ἔθνη ἀναδιοργανωθοῦν ἄνευ τῆς Σοβιετικῆς Ἑνώσεως καὶ τῶν κομμουνιστικῶν δορυφόρων προεκάλεσαν ζωηρὰ σχόλια.

ΗΡΧΙΣΑΝ ΑΙ ΠΡΟΚΑΤΑΡΚΤΙΚΑΙ ΕΡΓΑΣΙΑΙ ΔΙΑ ΤΗΝ ΔΙΑΣΚΕΨΙΝ ΤΩΝ 3 ΥΠΟΥΡΓΩΝ

ΛΟΝΔΙΝΟΝ, 28. ("Ιδ. άν.). — Ἤρχισαν αἱ προκαταρκτικαὶ ἐργασίαι διὰ τὴν διάσκεψιν τῶν ὑπουργῶν τῶν Ἐξωτερικῶν τῶν Ἡνωμένων Πολιτειῶν, Ἀγγλίας καὶ Γαλλίας.

ΛΟΝΔΙΝΟΝ, 28. ("Ιδ. άν.). — Ἤρχισαν αἱ προκαταρκτικαὶ ἐργασίαι διὰ τὴν διάσκεψιν τῶν ὑπουργῶν τῶν Ἐξωτερικῶν τῶν Ἡνωμένων Πολιτειῶν, Ἀγγλίας καὶ Γαλλίας.

ΔΙΑΨΕΥΔΕΤΑΙ ΟΤΙ ΑΓΓΛΙΚΑ ΤΑΝΚΣ ΕΙΣΗΧΘΗΣΑΝ ΕΙΣ ΡΩΣΙΚΟΝ ΤΟΜΕΑ

ΛΟΝΔΙΝΟΝ, 29. ("Ιδ. ὑπηρ.). — Καθ' ἃ πληροφορεῖ ἐκ Μαδηγέργκ, ἡ ἀγγλικὴ διοίκησις διαψεύδει ὅτι βρετανικὰ τὰνκς εἰσήχθησαν εἰς τὸν ρωσικὸν τομέα.

Ο Κ. ΤΣΩΡΤΣΙΛ ΖΗΤΕΙ ΝΑ ΓΙΝΟΥΝ ΝΕΑΙ ΕΚΛΟΓΑΙ ΕΙΣ ΤΗΝ ΑΓΓΛΙΑΝ

ΛΟΝΔΙΝΟΝ, 28. ("Ιδ. ὑπηρ.). — Ὁ ἀρχηγὸς τοῦ συντηρητικοῦ κόμματος κ. Οὐΐνστων Τσώρτσιλ ἐζήτησεν ὅπως διεξαχθοῦν νέαι ἐκλογαὶ εἰς τὴν Ἀγγλίαν.

ΛΟΝΔΙΝΟΝ, 28. ("Ιδ. ὑπηρ.). — Ὁ ἀρχηγὸς τοῦ συντηρητικοῦ κόμματος κ. Οὐΐνστων Τσώρτσιλ ἐζήτησεν ὅπως διεξαχθοῦν νέαι ἐκλογαὶ εἰς τὴν Ἀγγλίαν.

ΑΜΕΡΙΚΑΝΙΚΑ ΓΥΜΝΑΣΙΑ ΑΠΕΔΕΙΞΑΝ ΤΗΝ ΣΗΜΑΣΙΑΝ ΤΩΝ ΑΕΡΟΚΙΝΗΤΩΝ ΔΥΝΑΜΕΩΝ

ΝΕΑ ΥΟΡΚΗ, 28. ("Ιδ. άν.). — Τὰ γυμνάσια τὰ διεξαχθέντα εἰς τὰς Β. Καρολίνας ἀπέδειξαν τὴν σημασίαν τῶν ἀεροκινήτων δυνάμεων.

ΕΙΣ ΤΗΝ ΑΛΒΑΝΙΑΝ ΑΡΧΙΖΕΙ ΝΕΑ ΔΙΚΗ ΔΙΑ ΣΥΝΩΜΟΣΙΑΝ ΚΑΤΑ ΤΟΥ ΚΑΘΕΣΤΩΤΟΣ

ΛΟΝΔΙΝΟΝ, 28. ("Ιδ. άν.). — Ἀγγέλλεται ἐκ Τιράνων ὅτι εἰς πρώτης εὐκαιρίας ἀρχίζει νέα δίκη διὰ συνωμοσίαν κατὰ τοῦ καθεστῶτος.

ΕΞΕΔΟΘΗ Η ΑΠΟΦΑΣΙΣ ΤΟΥ ΡΟΥΜΑΝΙΚΟΥ ΔΙΚΑΣΤΗΡΙΟΥ ΔΙΑ ΤΟΥΣ ΔΙΚΑΖΟΜΕΝΟΥΣ

ΛΟΝΔΙΝΟΝ, 28. ("Ιδ. άν.). — Κατὰ πληροφορίας ἐκ Βουκουρεστίου, ἐξεδόθη ἡ ἀπόφασις τοῦ δικαστηρίου διὰ τοὺς κατηγορουμένους.

Η ΓΕΡΜΑΝΙΚΗ ΚΥΒΕΡΝΗΣΙΣ ΔΕΝ ΔΥΝΑΤΑΙ ΝΑ ΜΕΤΑΣΧΗ ΤΟΥ ΣΥΜΒΟΥΛΙΟΥ ΥΠΟΥΡΓΩΝ

ΛΟΝΔΙΝΟΝ, 28. ("Ιδ. άν.). — Ἀγγέλλεται ἐκ Βόννης ὅτι ἡ γερμανικὴ κυβέρνησις δὲν δύναται νὰ μετάσχῃ τοῦ Συμβουλίου Ὑπουργῶν.

Ο ΑΝΤΕΝΑΟΥΕΡ ΠΡΟΤΕΙΝΕΙ ΕΝΩΣΙΝ ΤΗΣ ΓΕΡΜΑΝΙΑΣ, ΓΑΛΛΙΑΣ ΚΑΙ ΤΗΣ ΙΤΑΛΙΑΣ
ΟΙ ΡΩΣΟΙ ΕΞΟΠΛΙΖΟΥΝ ΤΟΥΣ ΓΕΡΜΑΝΟΥΣ

ΒΕΡΟΛΙΝΟΝ, 28. (Ἀσσοσιέϊτεν Πρές). — Ὁ καγκελλάριος τῆς Δυτικῆς Γερμανίας Κόνραντ Ἀντενάουερ ἐπρότεινε τὴν ἕνωσιν τῆς Γερμανίας, τῆς Γαλλίας καὶ τῆς Ἰταλίας. Κατὰ πληροφορίας οἱ Ρῶσοι ἐξοπλίζουν τοὺς Γερμανοὺς τῆς Ἀνατολικῆς ζώνης.

ΒΕΡΟΛΙΝΟΝ, 28. (Ἀσσοσιέϊτεν Πρές). — Ὁ καγκελλάριος τῆς Δυτικῆς Γερμανίας Κόνραντ Ἀντενάουερ ἐπρότεινε τὴν ἕνωσιν τῆς Γερμανίας, τῆς Γαλλίας καὶ τῆς Ἰταλίας. Κατὰ πληροφορίας οἱ Ρῶσοι ἐξοπλίζουν τοὺς Γερμανοὺς τῆς Ἀνατολικῆς ζώνης.

ΒΕΡΟΛΙΝΟΝ, 28. (Ἀσσοσιέϊτεν Πρές). — Ὁ καγκελλάριος τῆς Δυτικῆς Γερμανίας Κόνραντ Ἀντενάουερ ἐπρότεινε τὴν ἕνωσιν τῆς Γερμανίας, τῆς Γαλλίας καὶ τῆς Ἰταλίας. Κατὰ πληροφορίας οἱ Ρῶσοι ἐξοπλίζουν τοὺς Γερμανοὺς τῆς Ἀνατολικῆς ζώνης.

ΒΕΡΟΛΙΝΟΝ, 28. (Ἀσσοσιέϊτεν Πρές). — Ὁ καγκελλάριος τῆς Δυτικῆς Γερμανίας Κόνραντ Ἀντενάουερ ἐπρότεινε τὴν ἕνωσιν τῆς Γερμανίας, τῆς Γαλλίας καὶ τῆς Ἰταλίας. Κατὰ πληροφορίας οἱ Ρῶσοι ἐξοπλίζουν τοὺς Γερμανοὺς τῆς Ἀνατολικῆς ζώνης.

ΕΞΟΠΛΙΖΟΥΝ ΤΟΥΣ ΓΕΡΜΑΝΟΥΣ

Εἰς ἄλλον, ὅτι στρατιωτικοὶ τῆς Ἀνατολικῆς Γερμανίας ἔχουσιν ἐξοπλισθῆ ὑπὸ τῶν Ρώσων καὶ ἀποτελοῦν στρατιωτικὰς μονάδας.

Εἰς ἄλλον, ὅτι στρατιωτικοὶ τῆς Ἀνατολικῆς Γερμανίας ἔχουσιν ἐξοπλισθῆ ὑπὸ τῶν Ρώσων καὶ ἀποτελοῦν στρατιωτικὰς μονάδας.

Εἰς ἄλλον, ὅτι στρατιωτικοὶ τῆς Ἀνατολικῆς Γερμανίας ἔχουσιν ἐξοπλισθῆ ὑπὸ τῶν Ρώσων καὶ ἀποτελοῦν στρατιωτικὰς μονάδας.

Εἰς ἄλλον, ὅτι στρατιωτικοὶ τῆς Ἀνατολικῆς Γερμανίας ἔχουσιν ἐξοπλισθῆ ὑπὸ τῶν Ρώσων καὶ ἀποτελοῦν στρατιωτικὰς μονάδας.

RICHARD KASISCHE
